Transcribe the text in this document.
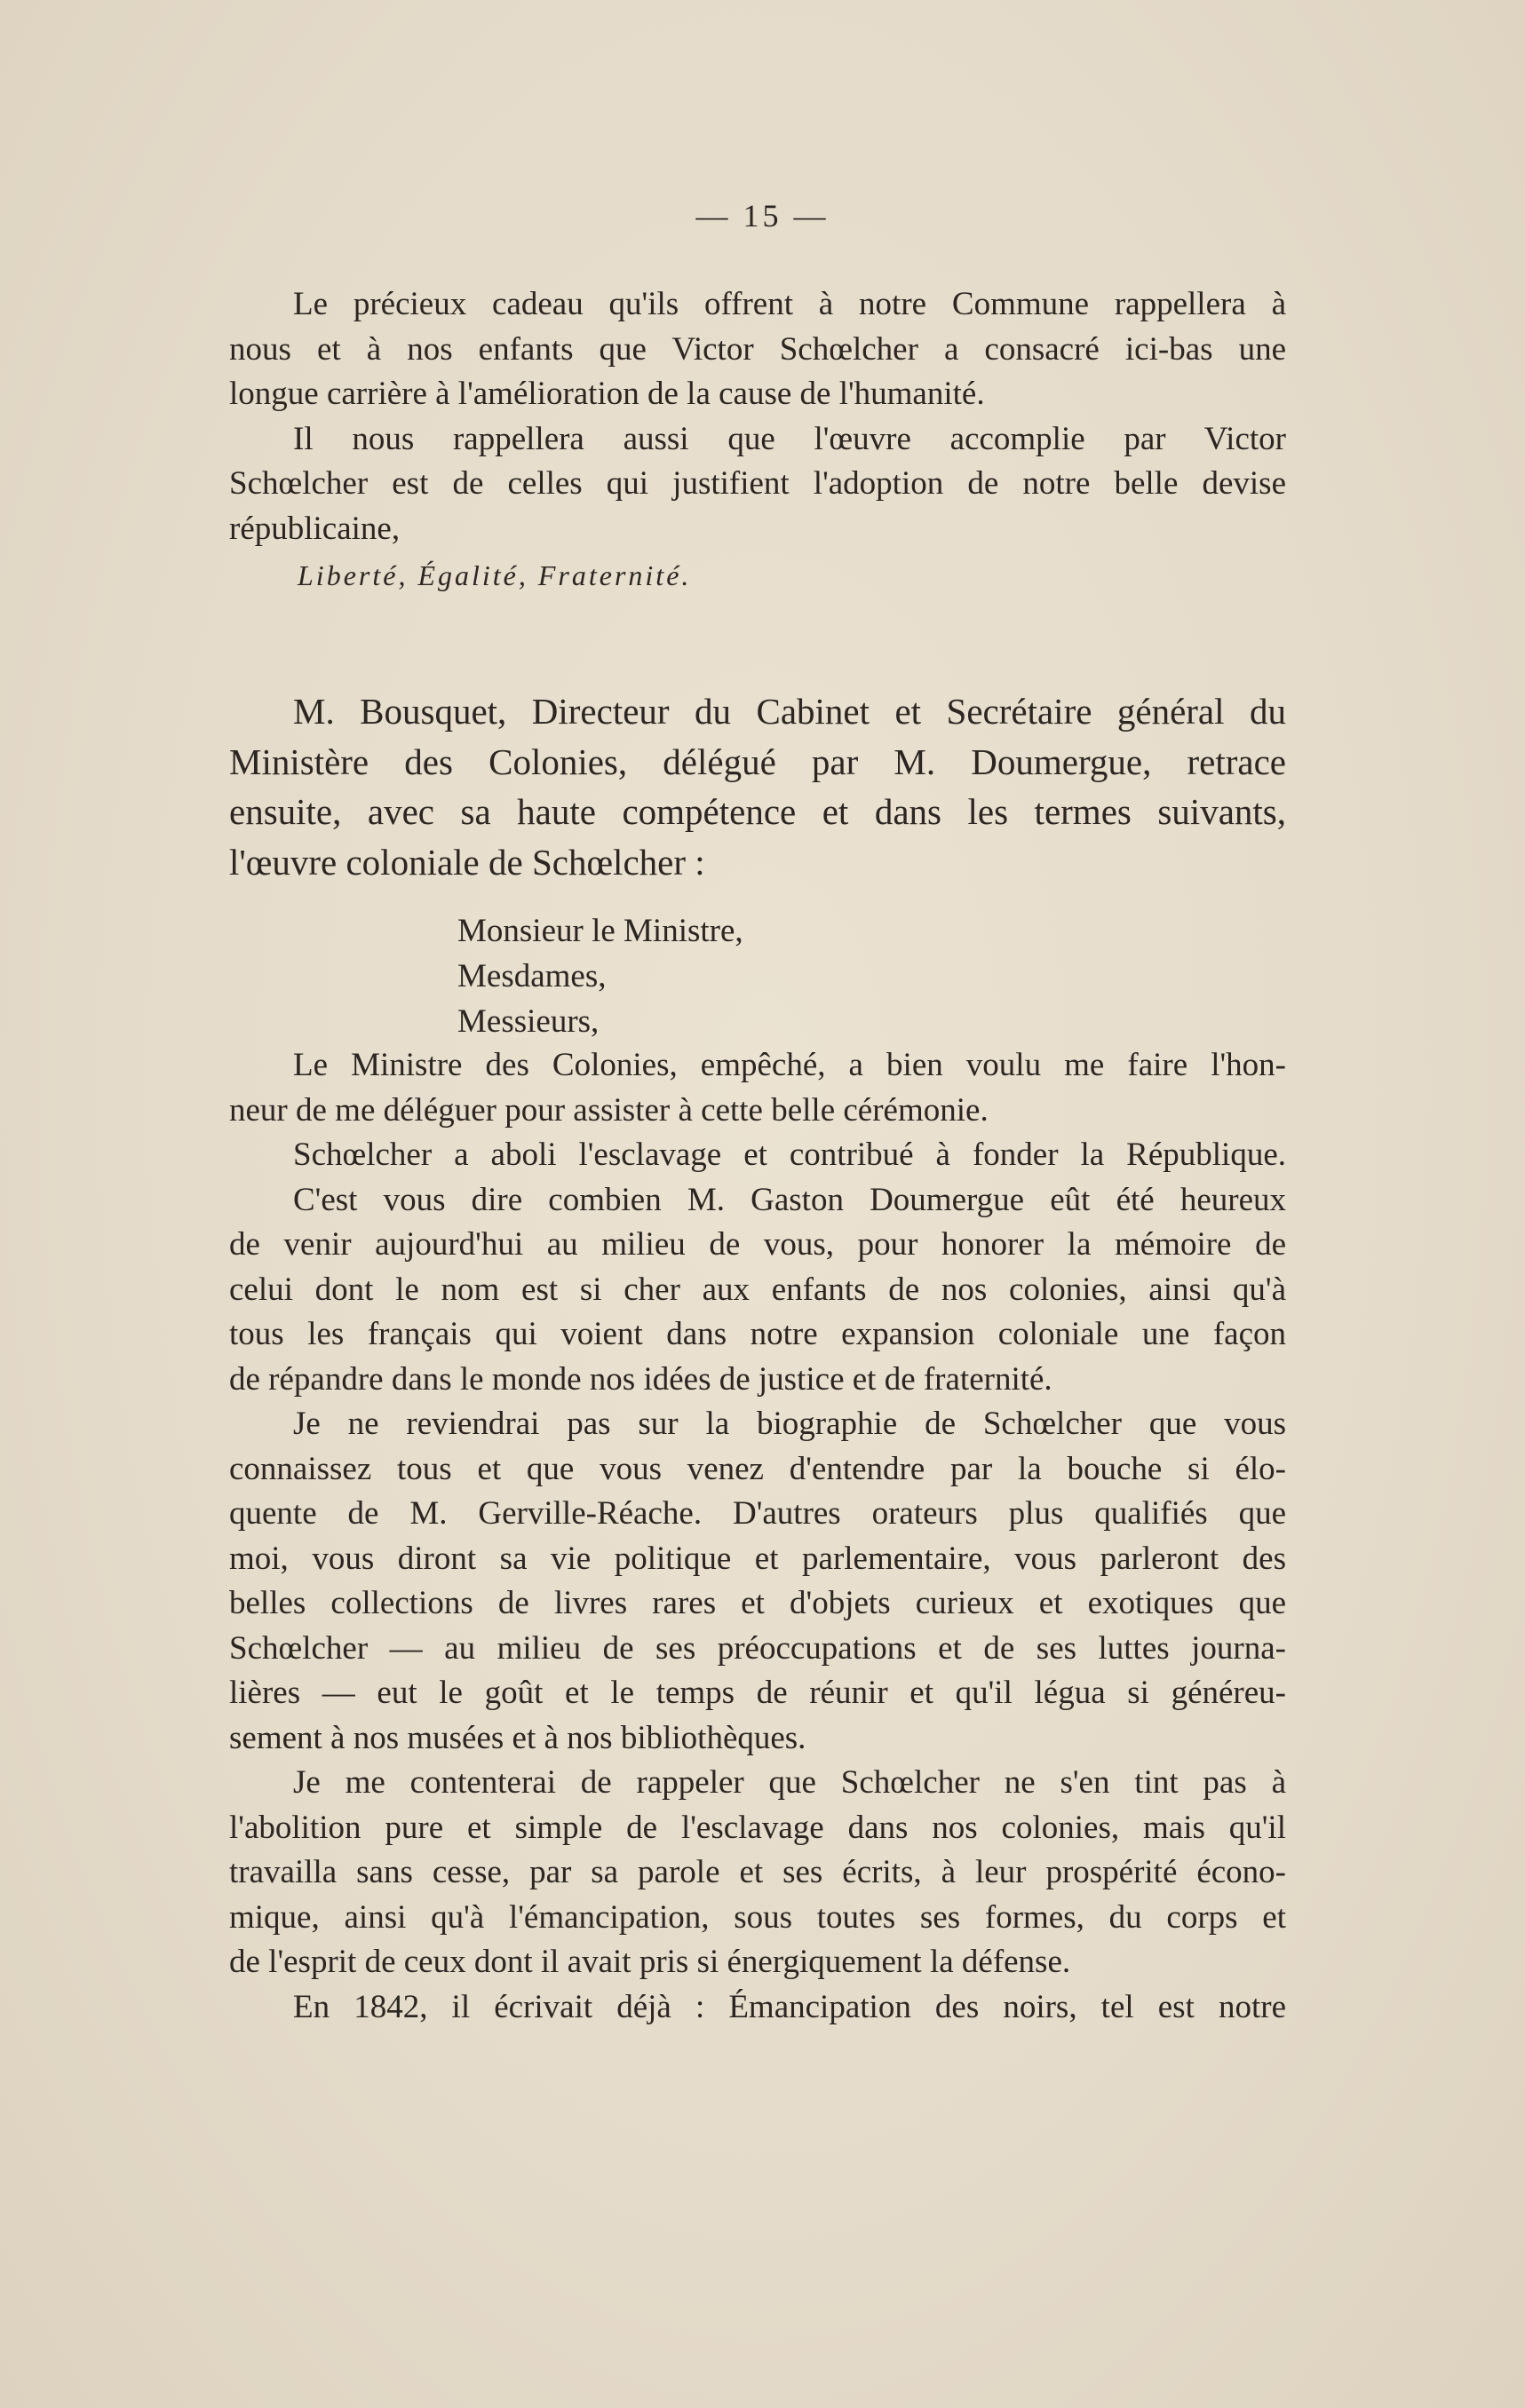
— 15 —
Le précieux cadeau qu'ils offrent à notre Commune rappellera à
nous et à nos enfants que Victor Schœlcher a consacré ici-bas une
longue carrière à l'amélioration de la cause de l'humanité.
Il nous rappellera aussi que l'œuvre accomplie par Victor
Schœlcher est de celles qui justifient l'adoption de notre belle devise
républicaine,
Liberté, Égalité, Fraternité.
M. Bousquet, Directeur du Cabinet et Secrétaire général du
Ministère des Colonies, délégué par M. Doumergue, retrace
ensuite, avec sa haute compétence et dans les termes suivants,
l'œuvre coloniale de Schœlcher :
Monsieur le Ministre,
Mesdames,
Messieurs,
Le Ministre des Colonies, empêché, a bien voulu me faire l'hon-
neur de me déléguer pour assister à cette belle cérémonie.
Schœlcher a aboli l'esclavage et contribué à fonder la République.
C'est vous dire combien M. Gaston Doumergue eût été heureux
de venir aujourd'hui au milieu de vous, pour honorer la mémoire de
celui dont le nom est si cher aux enfants de nos colonies, ainsi qu'à
tous les français qui voient dans notre expansion coloniale une façon
de répandre dans le monde nos idées de justice et de fraternité.
Je ne reviendrai pas sur la biographie de Schœlcher que vous
connaissez tous et que vous venez d'entendre par la bouche si élo-
quente de M. Gerville-Réache. D'autres orateurs plus qualifiés que
moi, vous diront sa vie politique et parlementaire, vous parleront des
belles collections de livres rares et d'objets curieux et exotiques que
Schœlcher — au milieu de ses préoccupations et de ses luttes journa-
lières — eut le goût et le temps de réunir et qu'il légua si généreu-
sement à nos musées et à nos bibliothèques.
Je me contenterai de rappeler que Schœlcher ne s'en tint pas à
l'abolition pure et simple de l'esclavage dans nos colonies, mais qu'il
travailla sans cesse, par sa parole et ses écrits, à leur prospérité écono-
mique, ainsi qu'à l'émancipation, sous toutes ses formes, du corps et
de l'esprit de ceux dont il avait pris si énergiquement la défense.
En 1842, il écrivait déjà : Émancipation des noirs, tel est notre
